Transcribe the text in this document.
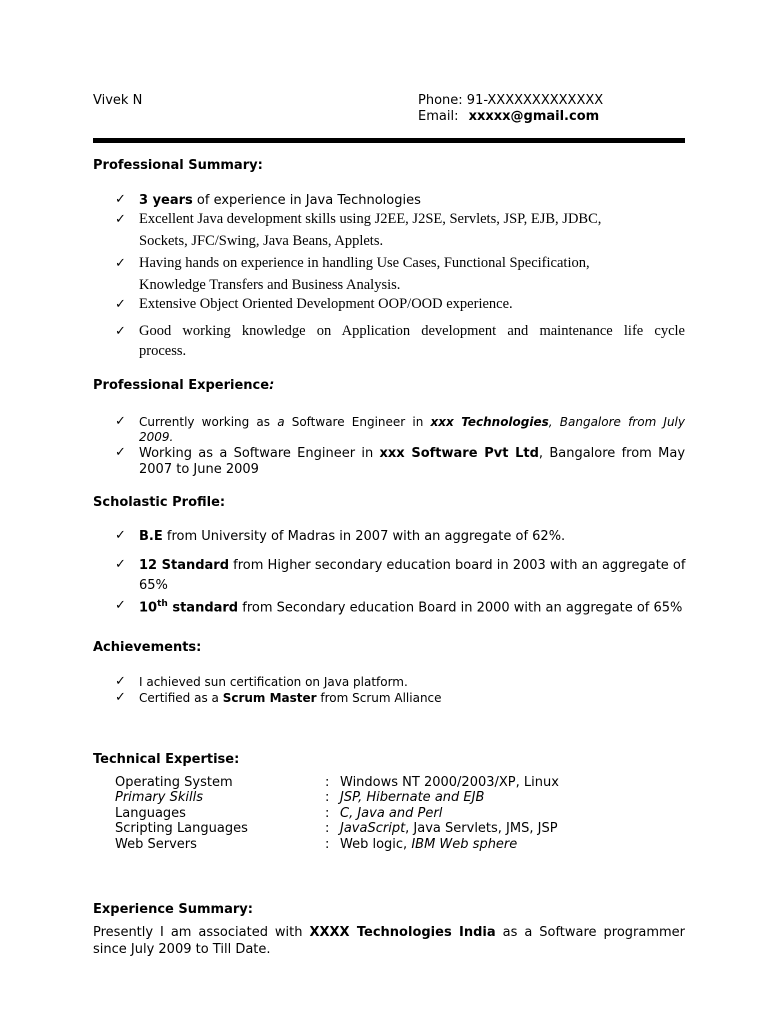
Vivek N	Phone: 91-XXXXXXXXXXXXX
Email: xxxxx@gmail.com
Professional Summary:
✓ 3 years of experience in Java Technologies
✓ Excellent Java development skills using J2EE, J2SE, Servlets, JSP, EJB, JDBC,
Sockets, JFC/Swing, Java Beans, Applets.
✓ Having hands on experience in handling Use Cases, Functional Specification,
Knowledge Transfers and Business Analysis.
✓ Extensive Object Oriented Development OOP/OOD experience.
✓ Good working knowledge on Application development and maintenance life cycle
process.
Professional Experience:
✓ Currently working as a Software Engineer in xxx Technologies, Bangalore from July
2009.
✓ Working as a Software Engineer in xxx Software Pvt Ltd, Bangalore from May
2007 to June 2009
Scholastic Profile:
✓ B.E from University of Madras in 2007 with an aggregate of 62%.
✓ 12 Standard from Higher secondary education board in 2003 with an aggregate of
65%
✓ 10th standard from Secondary education Board in 2000 with an aggregate of 65%
Achievements:
✓ I achieved sun certification on Java platform.
✓ Certified as a Scrum Master from Scrum Alliance
Technical Expertise:
Operating System	: Windows NT 2000/2003/XP, Linux
Primary Skills	: JSP, Hibernate and EJB
Languages	: C, Java and Perl
Scripting Languages	: JavaScript, Java Servlets, JMS, JSP
Web Servers	: Web logic, IBM Web sphere
Experience Summary:
Presently I am associated with XXXX Technologies India as a Software programmer
since July 2009 to Till Date.
